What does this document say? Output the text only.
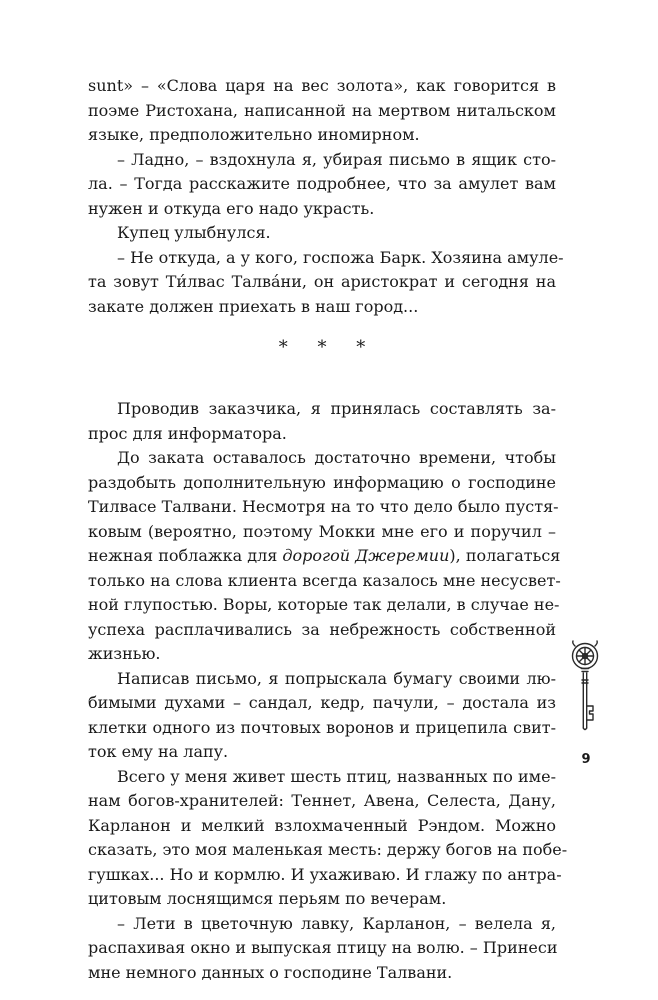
sunt» – «Слова царя на вес золота», как говорится в
поэме Ристохана, написанной на мертвом нитальском
языке, предположительно иномирном.
– Ладно, – вздохнула я, убирая письмо в ящик сто-
ла. – Тогда расскажите подробнее, что за амулет вам
нужен и откуда его надо украсть.
Купец улыбнулся.
– Не откуда, а у кого, госпожа Барк. Хозяина амуле-
та зовут Ти́лвас Талва́ни, он аристократ и сегодня на
закате должен приехать в наш город...
* * *
Проводив заказчика, я принялась составлять за-
прос для информатора.
До заката оставалось достаточно времени, чтобы
раздобыть дополнительную информацию о господине
Тилвасе Талвани. Несмотря на то что дело было пустя-
ковым (вероятно, поэтому Мокки мне его и поручил –
нежная поблажка для дорогой Джеремии), полагаться
только на слова клиента всегда казалось мне несусвет-
ной глупостью. Воры, которые так делали, в случае не-
успеха расплачивались за небрежность собственной
жизнью.
Написав письмо, я попрыскала бумагу своими лю-
бимыми духами – сандал, кедр, пачули, – достала из
клетки одного из почтовых воронов и прицепила свит-
ток ему на лапу.
Всего у меня живет шесть птиц, названных по име-
нам богов-хранителей: Теннет, Авена, Селеста, Дану,
Карланон и мелкий взлохмаченный Рэндом. Можно
сказать, это моя маленькая месть: держу богов на побе-
гушках... Но и кормлю. И ухаживаю. И глажу по антра-
цитовым лоснящимся перьям по вечерам.
– Лети в цветочную лавку, Карланон, – велела я,
распахивая окно и выпуская птицу на волю. – Принеси
мне немного данных о господине Талвани.
9
